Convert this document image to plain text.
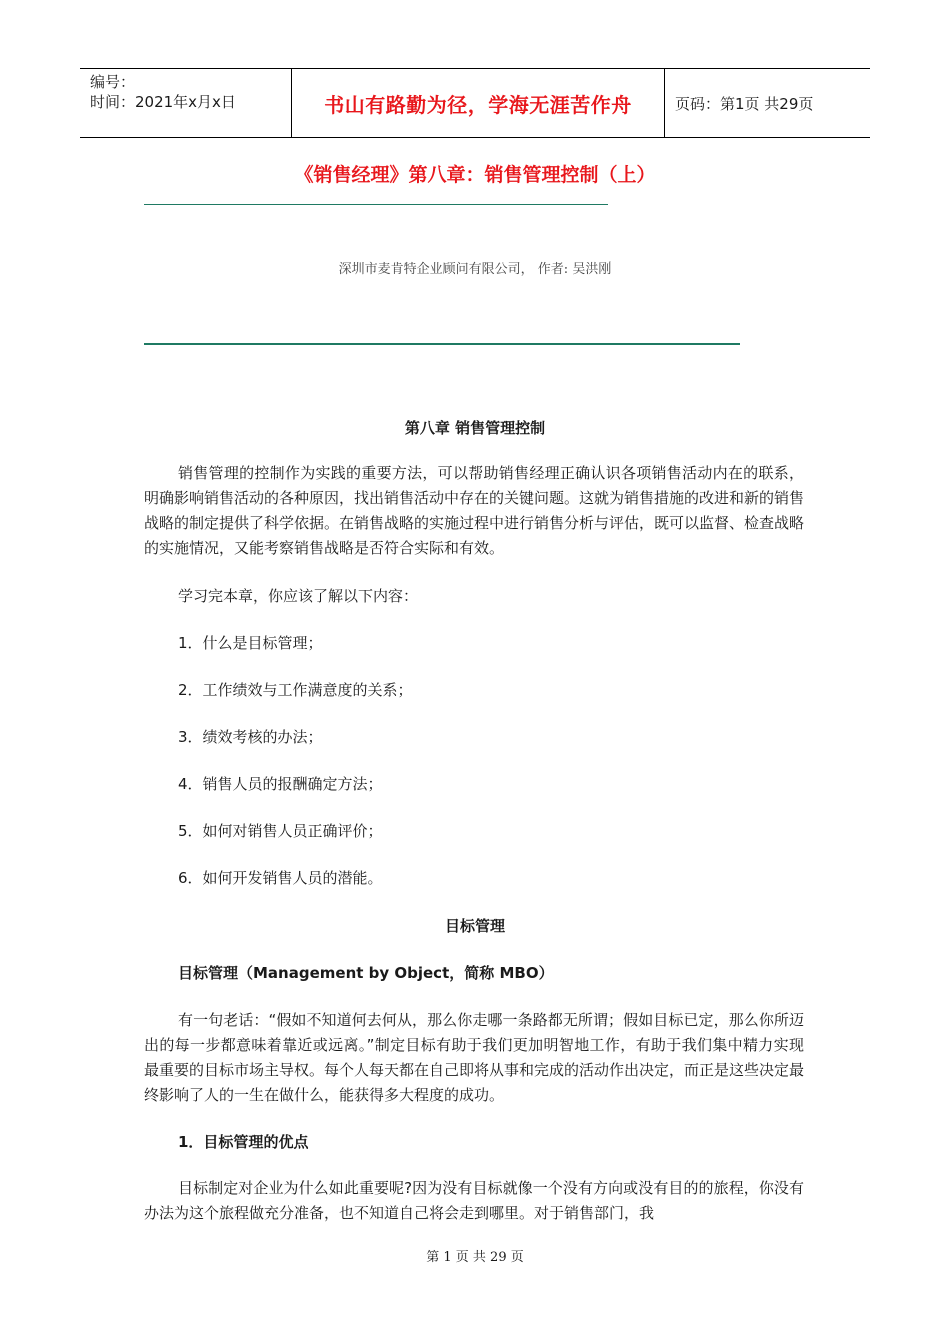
编号：
时间：2021年x月x日	书山有路勤为径，学海无涯苦作舟	页码：第1页 共29页
《销售经理》第八章：销售管理控制（上）
深圳市麦肯特企业顾问有限公司， 作者: 吴洪刚
第八章 销售管理控制
销售管理的控制作为实践的重要方法，可以帮助销售经理正确认识各项销售活动内在的联系，明确影响销售活动的各种原因，找出销售活动中存在的关键问题。这就为销售措施的改进和新的销售战略的制定提供了科学依据。在销售战略的实施过程中进行销售分析与评估，既可以监督、检查战略的实施情况，又能考察销售战略是否符合实际和有效。
学习完本章，你应该了解以下内容：
1．什么是目标管理；
2．工作绩效与工作满意度的关系；
3．绩效考核的办法；
4．销售人员的报酬确定方法；
5．如何对销售人员正确评价；
6．如何开发销售人员的潜能。
目标管理
目标管理（Management by Object，简称 MBO）
有一句老话：“假如不知道何去何从，那么你走哪一条路都无所谓；假如目标已定，那么你所迈出的每一步都意味着靠近或远离。”制定目标有助于我们更加明智地工作，有助于我们集中精力实现最重要的目标市场主导权。每个人每天都在自己即将从事和完成的活动作出决定，而正是这些决定最终影响了人的一生在做什么，能获得多大程度的成功。
1．目标管理的优点
目标制定对企业为什么如此重要呢?因为没有目标就像一个没有方向或没有目的的旅程，你没有办法为这个旅程做充分准备，也不知道自己将会走到哪里。对于销售部门，我
第 1 页 共 29 页
